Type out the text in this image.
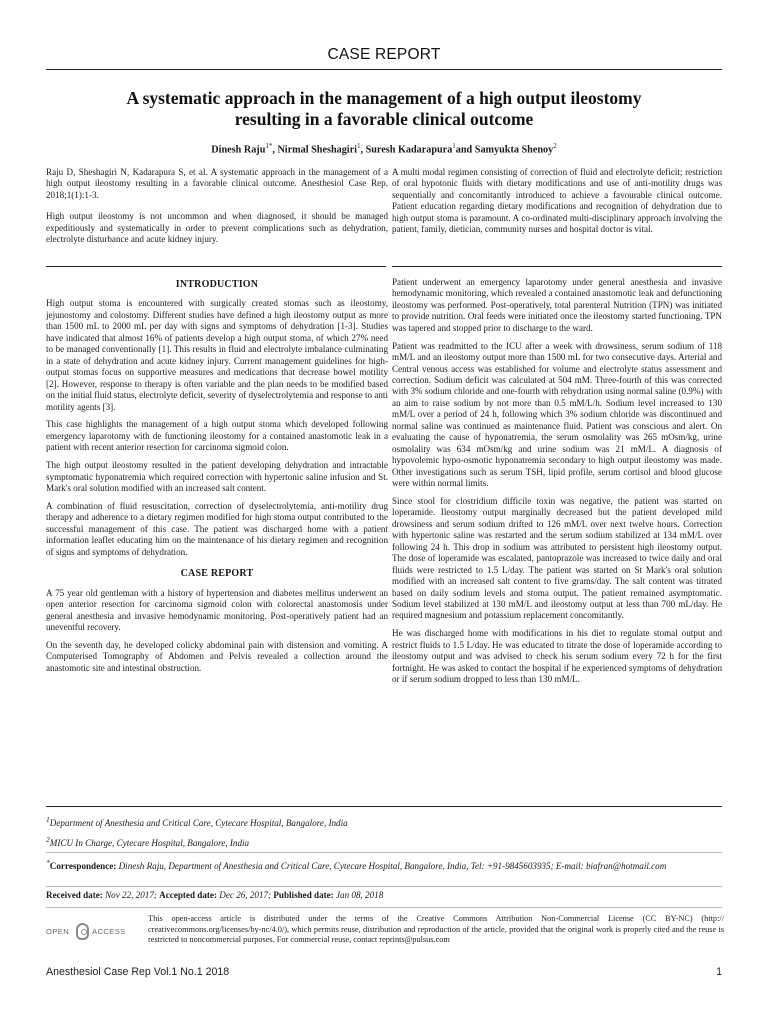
CASE REPORT
A systematic approach in the management of a high output ileostomy
resulting in a favorable clinical outcome
Dinesh Raju$^{1*}$, Nirmal Sheshagiri$^1$, Suresh Kadarapura$^1$and Samyukta Shenoy$^2$

Raju D, Sheshagiri N, Kadarapura S, et al. A systematic approach in the management of a high output ileostomy resulting in a favorable clinical outcome. Anesthesiol Case Rep. 2018;1(1):1-3.

High output ileostomy is not uncommon and when diagnosed, it should be managed expeditiously and systematically in order to prevent complications such as dehydration, electrolyte disturbance and acute kidney injury.

A multi modal regimen consisting of correction of fluid and electrolyte deficit; restriction of oral hypotonic fluids with dietary modifications and use of anti-motility drugs was sequentially and concomitantly introduced to achieve a favourable clinical outcome. Patient education regarding dietary modifications and recognition of dehydration due to high output stoma is paramount. A co-ordinated multi-disciplinary approach involving the patient, family, dietician, community nurses and hospital doctor is vital.

INTRODUCTION

High output stoma is encountered with surgically created stomas such as ileostomy, jejunostomy and colostomy. Different studies have defined a high ileostomy output as more than 1500 mL to 2000 mL per day with signs and symptoms of dehydration [1-3]. Studies have indicated that almost 16% of patients develop a high output stoma, of which 27% need to be managed conventionally [1]. This results in fluid and electrolyte imbalance culminating in a state of dehydration and acute kidney injury. Current management guidelines for high-output stomas focus on supportive measures and medications that decrease bowel motility [2]. However, response to therapy is often variable and the plan needs to be modified based on the initial fluid status, electrolyte deficit, severity of dyselectrolytemia and response to anti motility agents [3].

This case highlights the management of a high output stoma which developed following emergency laparotomy with de functioning ileostomy for a contained anastomotic leak in a patient with recent anterior resection for carcinoma sigmoid colon.

The high output ileostomy resulted in the patient developing dehydration and intractable symptomatic hyponatremia which required correction with hypertonic saline infusion and St. Mark's oral solution modified with an increased salt content.

A combination of fluid resuscitation, correction of dyselectrolytemia, anti-motility drug therapy and adherence to a dietary regimen modified for high stoma output contributed to the successful management of this case. The patient was discharged home with a patient information leaflet educating him on the maintenance of his dietary regimen and recognition of signs and symptoms of dehydration.

CASE REPORT

A 75 year old gentleman with a history of hypertension and diabetes mellitus underwent an open anterior resection for carcinoma sigmoid colon with colorectal anastomosis under general anesthesia and invasive hemodynamic monitoring. Post-operatively patient had an uneventful recovery.

On the seventh day, he developed colicky abdominal pain with distension and vomiting. A Computerised Tomography of Abdomen and Pelvis revealed a collection around the anastomotic site and intestinal obstruction.

Patient underwent an emergency laparotomy under general anesthesia and invasive hemodynamic monitoring, which revealed a contained anastomotic leak and defunctioning ileostomy was performed. Post-operatively, total parenteral Nutrition (TPN) was initiated to provide nutrition. Oral feeds were initiated once the ileostomy started functioning. TPN was tapered and stopped prior to discharge to the ward.

Patient was readmitted to the ICU after a week with drowsiness, serum sodium of 118 mM/L and an ileostomy output more than 1500 mL for two consecutive days. Arterial and Central venous access was established for volume and electrolyte status assessment and correction. Sodium deficit was calculated at 504 mM. Three-fourth of this was corrected with 3% sodium chloride and one-fourth with rehydration using normal saline (0.9%) with an aim to raise sodium by not more than 0.5 mM/L/h. Sodium level increased to 130 mM/L over a period of 24 h, following which 3% sodium chloride was discontinued and normal saline was continued as maintenance fluid. Patient was conscious and alert. On evaluating the cause of hyponatremia, the serum osmolality was 265 mOsm/kg, urine osmolality was 634 mOsm/kg and urine sodium was 21 mM/L. A diagnosis of hypovolemic hypo-osmotic hyponatremia secondary to high output ileostomy was made. Other investigations such as serum TSH, lipid profile, serum cortisol and blood glucose were within normal limits.

Since stool for clostridium difficile toxin was negative, the patient was started on loperamide. Ileostomy output marginally decreased but the patient developed mild drowsiness and serum sodium drifted to 126 mM/L over next twelve hours. Correction with hypertonic saline was restarted and the serum sodium stabilized at 134 mM/L over following 24 h. This drop in sodium was attributed to persistent high ileostomy output. The dose of loperamide was escalated, pantoprazole was increased to twice daily and oral fluids were restricted to 1.5 L/day. The patient was started on St Mark's oral solution modified with an increased salt content to five grams/day. The salt content was titrated based on daily sodium levels and stoma output. The patient remained asymptomatic. Sodium level stabilized at 130 mM/L and ileostomy output at less than 700 mL/day. He required magnesium and potassium replacement concomitantly.

He was discharged home with modifications in his diet to regulate stomal output and restrict fluids to 1.5 L/day. He was educated to titrate the dose of loperamide according to ileostomy output and was advised to check his serum sodium every 72 h for the first fortnight. He was asked to contact the hospital if he experienced symptoms of dehydration or if serum sodium dropped to less than 130 mM/L.

$^1$Department of Anesthesia and Critical Care, Cytecare Hospital, Bangalore, India
$^2$MICU In Charge, Cytecare Hospital, Bangalore, India
*Correspondence: Dinesh Raju, Department of Anesthesia and Critical Care, Cytecare Hospital, Bangalore, India, Tel: +91-9845603935; E-mail: biafran@hotmail.com
Received date: Nov 22, 2017; Accepted date: Dec 26, 2017; Published date: Jan 08, 2018
OPEN	ACCESS
This open-access article is distributed under the terms of the Creative Commons Attribution Non-Commercial License (CC BY-NC) (http:// creativecommons.org/licenses/by-nc/4.0/), which permits reuse, distribution and reproduction of the article, provided that the original work is properly cited and the reuse is restricted to noncommercial purposes. For commercial reuse, contact reprints@pulsus.com
Anesthesiol Case Rep Vol.1 No.1 2018	1
